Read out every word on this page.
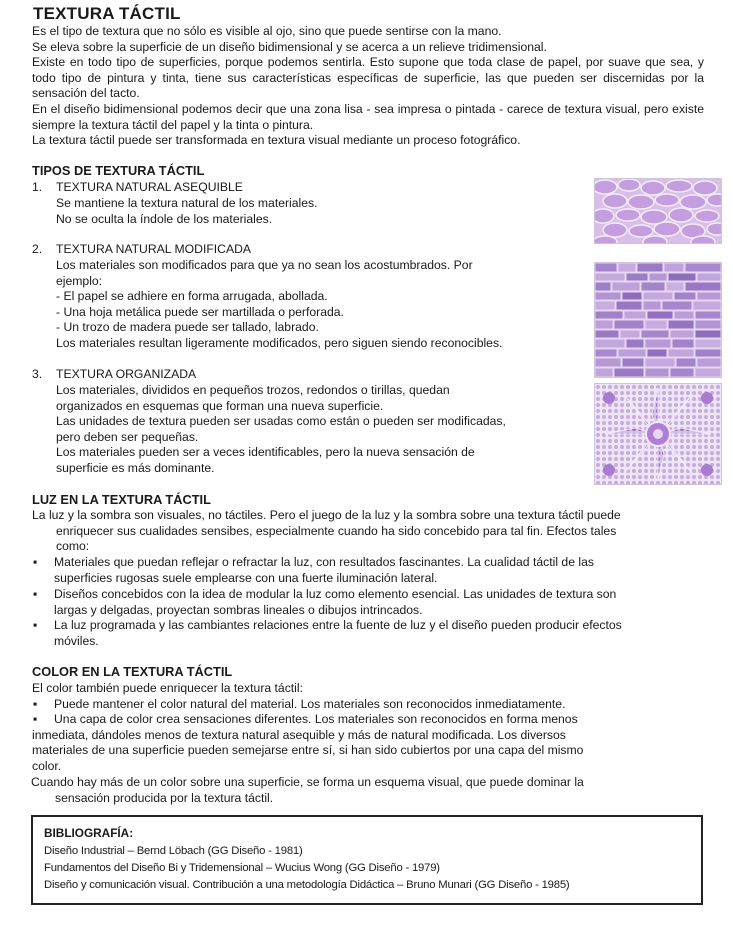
TEXTURA TÁCTIL
Es el tipo de textura que no sólo es visible al ojo, sino que puede sentirse con la mano.
Se eleva sobre la superficie de un diseño bidimensional y se acerca a un relieve tridimensional.
Existe en todo tipo de superficies, porque podemos sentirla. Esto supone que toda clase de papel, por suave que sea, y todo tipo de pintura y tinta, tiene sus características específicas de superficie, las que pueden ser discernidas por la sensación del tacto.
En el diseño bidimensional podemos decir que una zona lisa - sea impresa o pintada - carece de textura visual, pero existe siempre la textura táctil del papel y la tinta o pintura.
La textura táctil puede ser transformada en textura visual mediante un proceso fotográfico.
TIPOS DE TEXTURA TÁCTIL
1. TEXTURA NATURAL ASEQUIBLE
Se mantiene la textura natural de los materiales.
No se oculta la índole de los materiales.
2. TEXTURA NATURAL MODIFICADA
Los materiales son modificados para que ya no sean los acostumbrados. Por
ejemplo:
- El papel se adhiere en forma arrugada, abollada.
- Una hoja metálica puede ser martillada o perforada.
- Un trozo de madera puede ser tallado, labrado.
Los materiales resultan ligeramente modificados, pero siguen siendo reconocibles.
3. TEXTURA ORGANIZADA
Los materiales, divididos en pequeños trozos, redondos o tirillas, quedan
organizados en esquemas que forman una nueva superficie.
Las unidades de textura pueden ser usadas como están o pueden ser modificadas,
pero deben ser pequeñas.
Los materiales pueden ser a veces identificables, pero la nueva sensación de
superficie es más dominante.
LUZ EN LA TEXTURA TÁCTIL
La luz y la sombra son visuales, no táctiles. Pero el juego de la luz y la sombra sobre una textura táctil puede
enriquecer sus cualidades sensibes, especialmente cuando ha sido concebido para tal fin. Efectos tales
como:
▪ Materiales que puedan reflejar o refractar la luz, con resultados fascinantes. La cualidad táctil de las
superficies rugosas suele emplearse con una fuerte iluminación lateral.
▪ Diseños concebidos con la idea de modular la luz como elemento esencial. Las unidades de textura son
largas y delgadas, proyectan sombras lineales o dibujos intrincados.
▪ La luz programada y las cambiantes relaciones entre la fuente de luz y el diseño pueden producir efectos
móviles.
COLOR EN LA TEXTURA TÁCTIL
El color también puede enriquecer la textura táctil:
▪ Puede mantener el color natural del material. Los materiales son reconocidos inmediatamente.
▪ Una capa de color crea sensaciones diferentes. Los materiales son reconocidos en forma menos
inmediata, dándoles menos de textura natural asequible y más de natural modificada. Los diversos
materiales de una superficie pueden semejarse entre sí, si han sido cubiertos por una capa del mismo
color.
Cuando hay más de un color sobre una superficie, se forma un esquema visual, que puede dominar la
sensación producida por la textura táctil.
BIBLIOGRAFÍA:
Diseño Industrial – Bernd Löbach (GG Diseño - 1981)
Fundamentos del Diseño Bi y Tridemensional – Wucius Wong (GG Diseño - 1979)
Diseño y comunicación visual. Contribución a una metodología Didáctica – Bruno Munari (GG Diseño - 1985)
